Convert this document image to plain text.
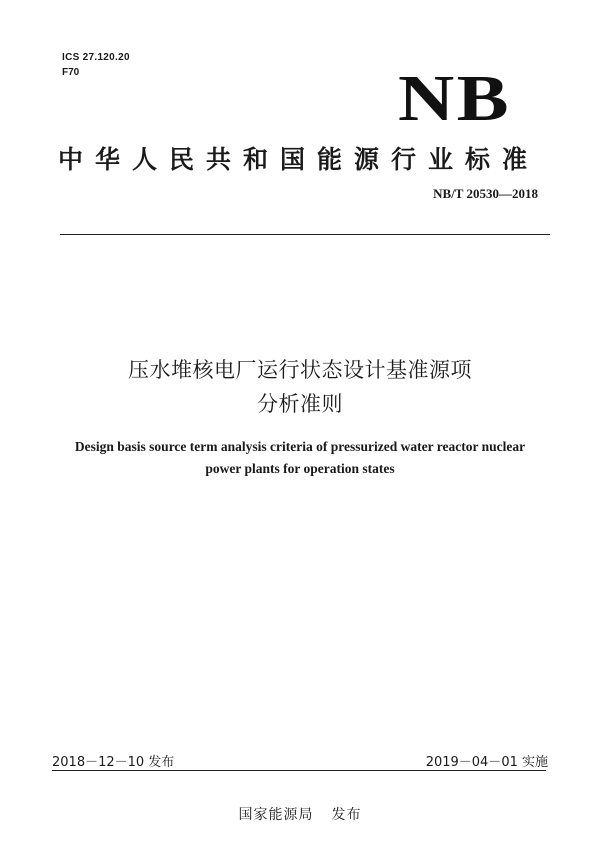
ICS 27.120.20
F70	NB
中华人民共和国能源行业标准
NB/T 20530—2018
压水堆核电厂运行状态设计基准源项
分析准则
Design basis source term analysis criteria of pressurized water reactor nuclear
power plants for operation states
2018－12－10 发布	2019－04－01 实施
国家能源局 发布
